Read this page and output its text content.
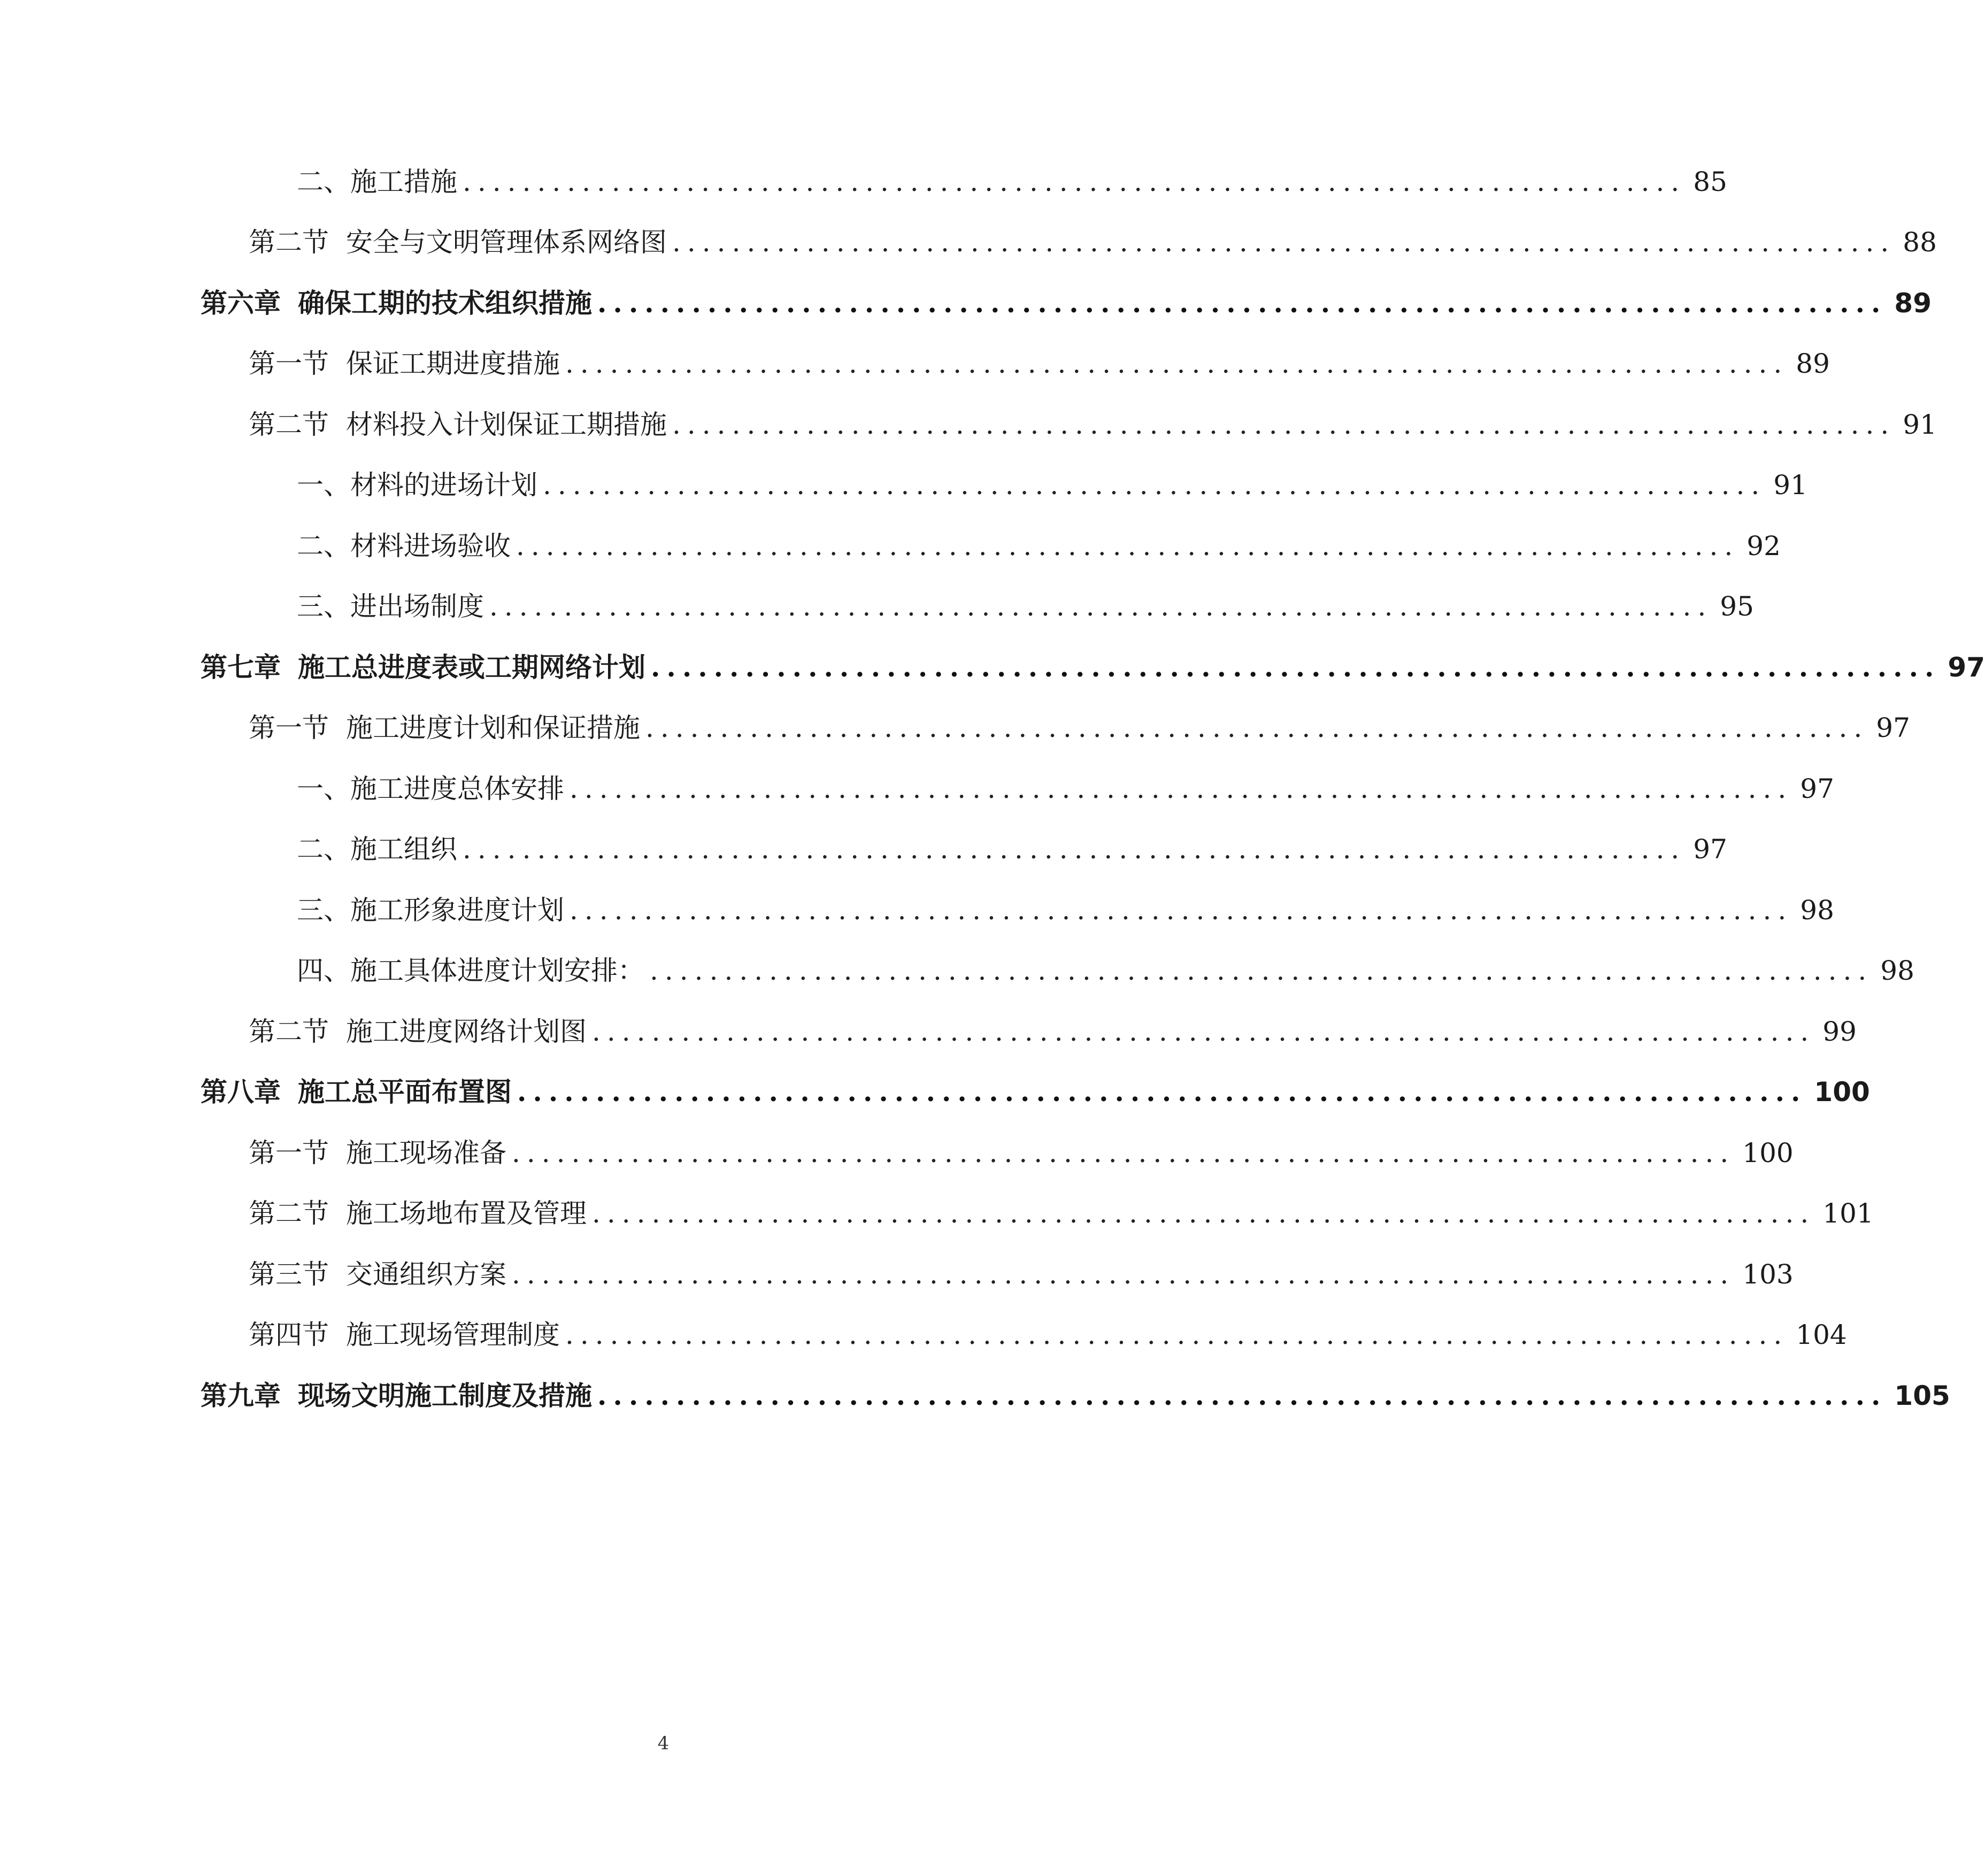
二、 施工措施 .................................................................................. 85
第二节 安全与文明管理体系网络图 .................................................................................. 88
第六章 确保工期的技术组织措施 .................................................................................. 89
第一节 保证工期进度措施 .................................................................................. 89
第二节 材料投入计划保证工期措施 .................................................................................. 91
一、 材料的进场计划 .................................................................................. 91
二、 材料进场验收 .................................................................................. 92
三、 进出场制度 .................................................................................. 95
第七章 施工总进度表或工期网络计划 .................................................................................. 97
第一节 施工进度计划和保证措施 .................................................................................. 97
一、 施工进度总体安排 .................................................................................. 97
二、 施工组织 .................................................................................. 97
三、 施工形象进度计划 .................................................................................. 98
四、 施工具体进度计划安排： .................................................................................. 98
第二节 施工进度网络计划图 .................................................................................. 99
第八章 施工总平面布置图 .................................................................................. 100
第一节 施工现场准备 .................................................................................. 100
第二节 施工场地布置及管理 .................................................................................. 101
第三节 交通组织方案 .................................................................................. 103
第四节 施工现场管理制度 .................................................................................. 104
第九章 现场文明施工制度及措施 .................................................................................. 105
4
